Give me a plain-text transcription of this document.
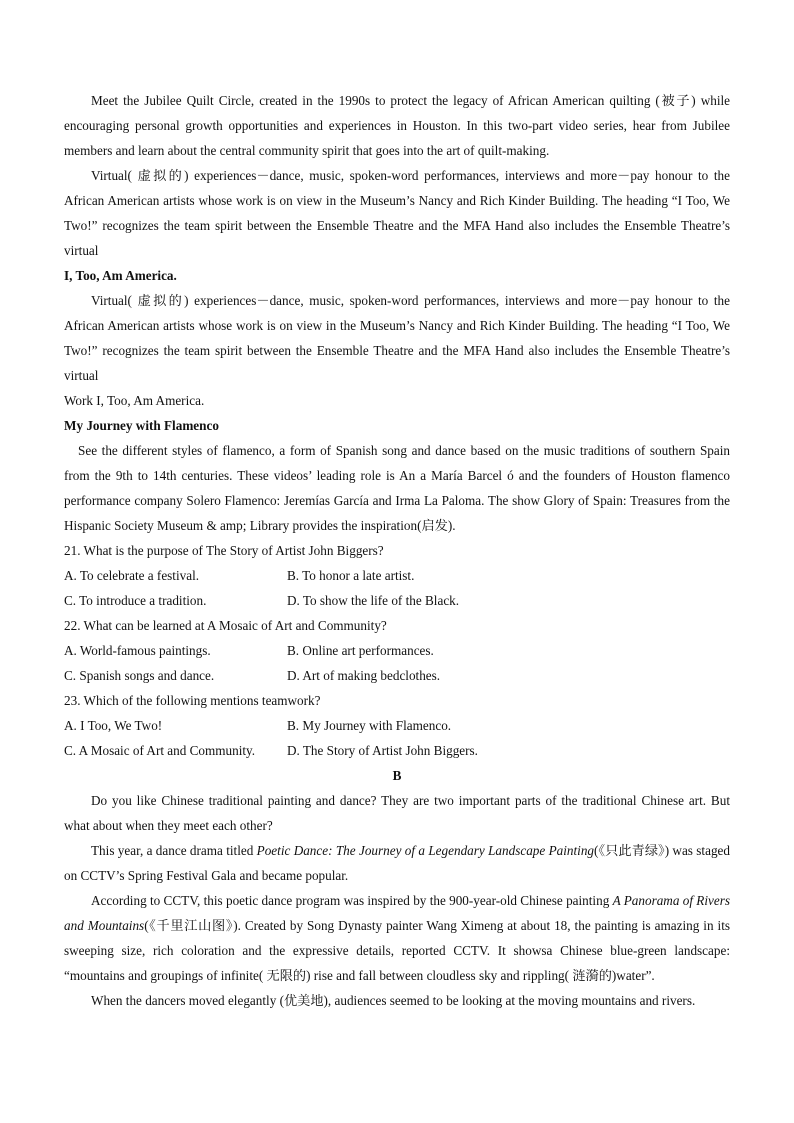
Meet the Jubilee Quilt Circle, created in the 1990s to protect the legacy of African American quilting (被子) while encouraging personal growth opportunities and experiences in Houston. In this two-part video series, hear from Jubilee members and learn about the central community spirit that goes into the art of quilt-making.

Virtual( 虚拟的) experiences－dance, music, spoken-word performances, interviews and more－pay honour to the African American artists whose work is on view in the Museum’s Nancy and Rich Kinder Building. The heading “I Too, We Two!” recognizes the team spirit between the Ensemble Theatre and the MFA Hand also includes the Ensemble Theatre’s virtual

I, Too, Am America.

Virtual( 虚拟的) experiences－dance, music, spoken-word performances, interviews and more－pay honour to the African American artists whose work is on view in the Museum’s Nancy and Rich Kinder Building. The heading “I Too, We Two!” recognizes the team spirit between the Ensemble Theatre and the MFA Hand also includes the Ensemble Theatre’s virtual

Work I, Too, Am America.

My Journey with Flamenco

See the different styles of flamenco, a form of Spanish song and dance based on the music traditions of southern Spain from the 9th to 14th centuries. These videos’ leading role is An a María Barcel ó and the founders of Houston flamenco performance company Solero Flamenco: Jeremías García and Irma La Paloma. The show Glory of Spain: Treasures from the Hispanic Society Museum & amp; Library provides the inspiration(启发).

21. What is the purpose of The Story of Artist John Biggers?

A. To celebrate a festival.	B. To honor a late artist.
C. To introduce a tradition.	D. To show the life of the Black.

22. What can be learned at A Mosaic of Art and Community?

A. World-famous paintings.	B. Online art performances.
C. Spanish songs and dance.	D. Art of making bedclothes.

23. Which of the following mentions teamwork?

A. I Too, We Two!	B. My Journey with Flamenco.
C. A Mosaic of Art and Community.	D. The Story of Artist John Biggers.

B

Do you like Chinese traditional painting and dance? They are two important parts of the traditional Chinese art. But what about when they meet each other?

This year, a dance drama titled Poetic Dance: The Journey of a Legendary Landscape Painting(《只此青绿》) was staged on CCTV’s Spring Festival Gala and became popular.

According to CCTV, this poetic dance program was inspired by the 900-year-old Chinese painting A Panorama of Rivers and Mountains(《千里江山图》). Created by Song Dynasty painter Wang Ximeng at about 18, the painting is amazing in its sweeping size, rich coloration and the expressive details, reported CCTV. It showsa Chinese blue-green landscape: “mountains and groupings of infinite( 无限的) rise and fall between cloudless sky and rippling( 涟漪的)water”.

When the dancers moved elegantly (优美地), audiences seemed to be looking at the moving mountains and rivers.
